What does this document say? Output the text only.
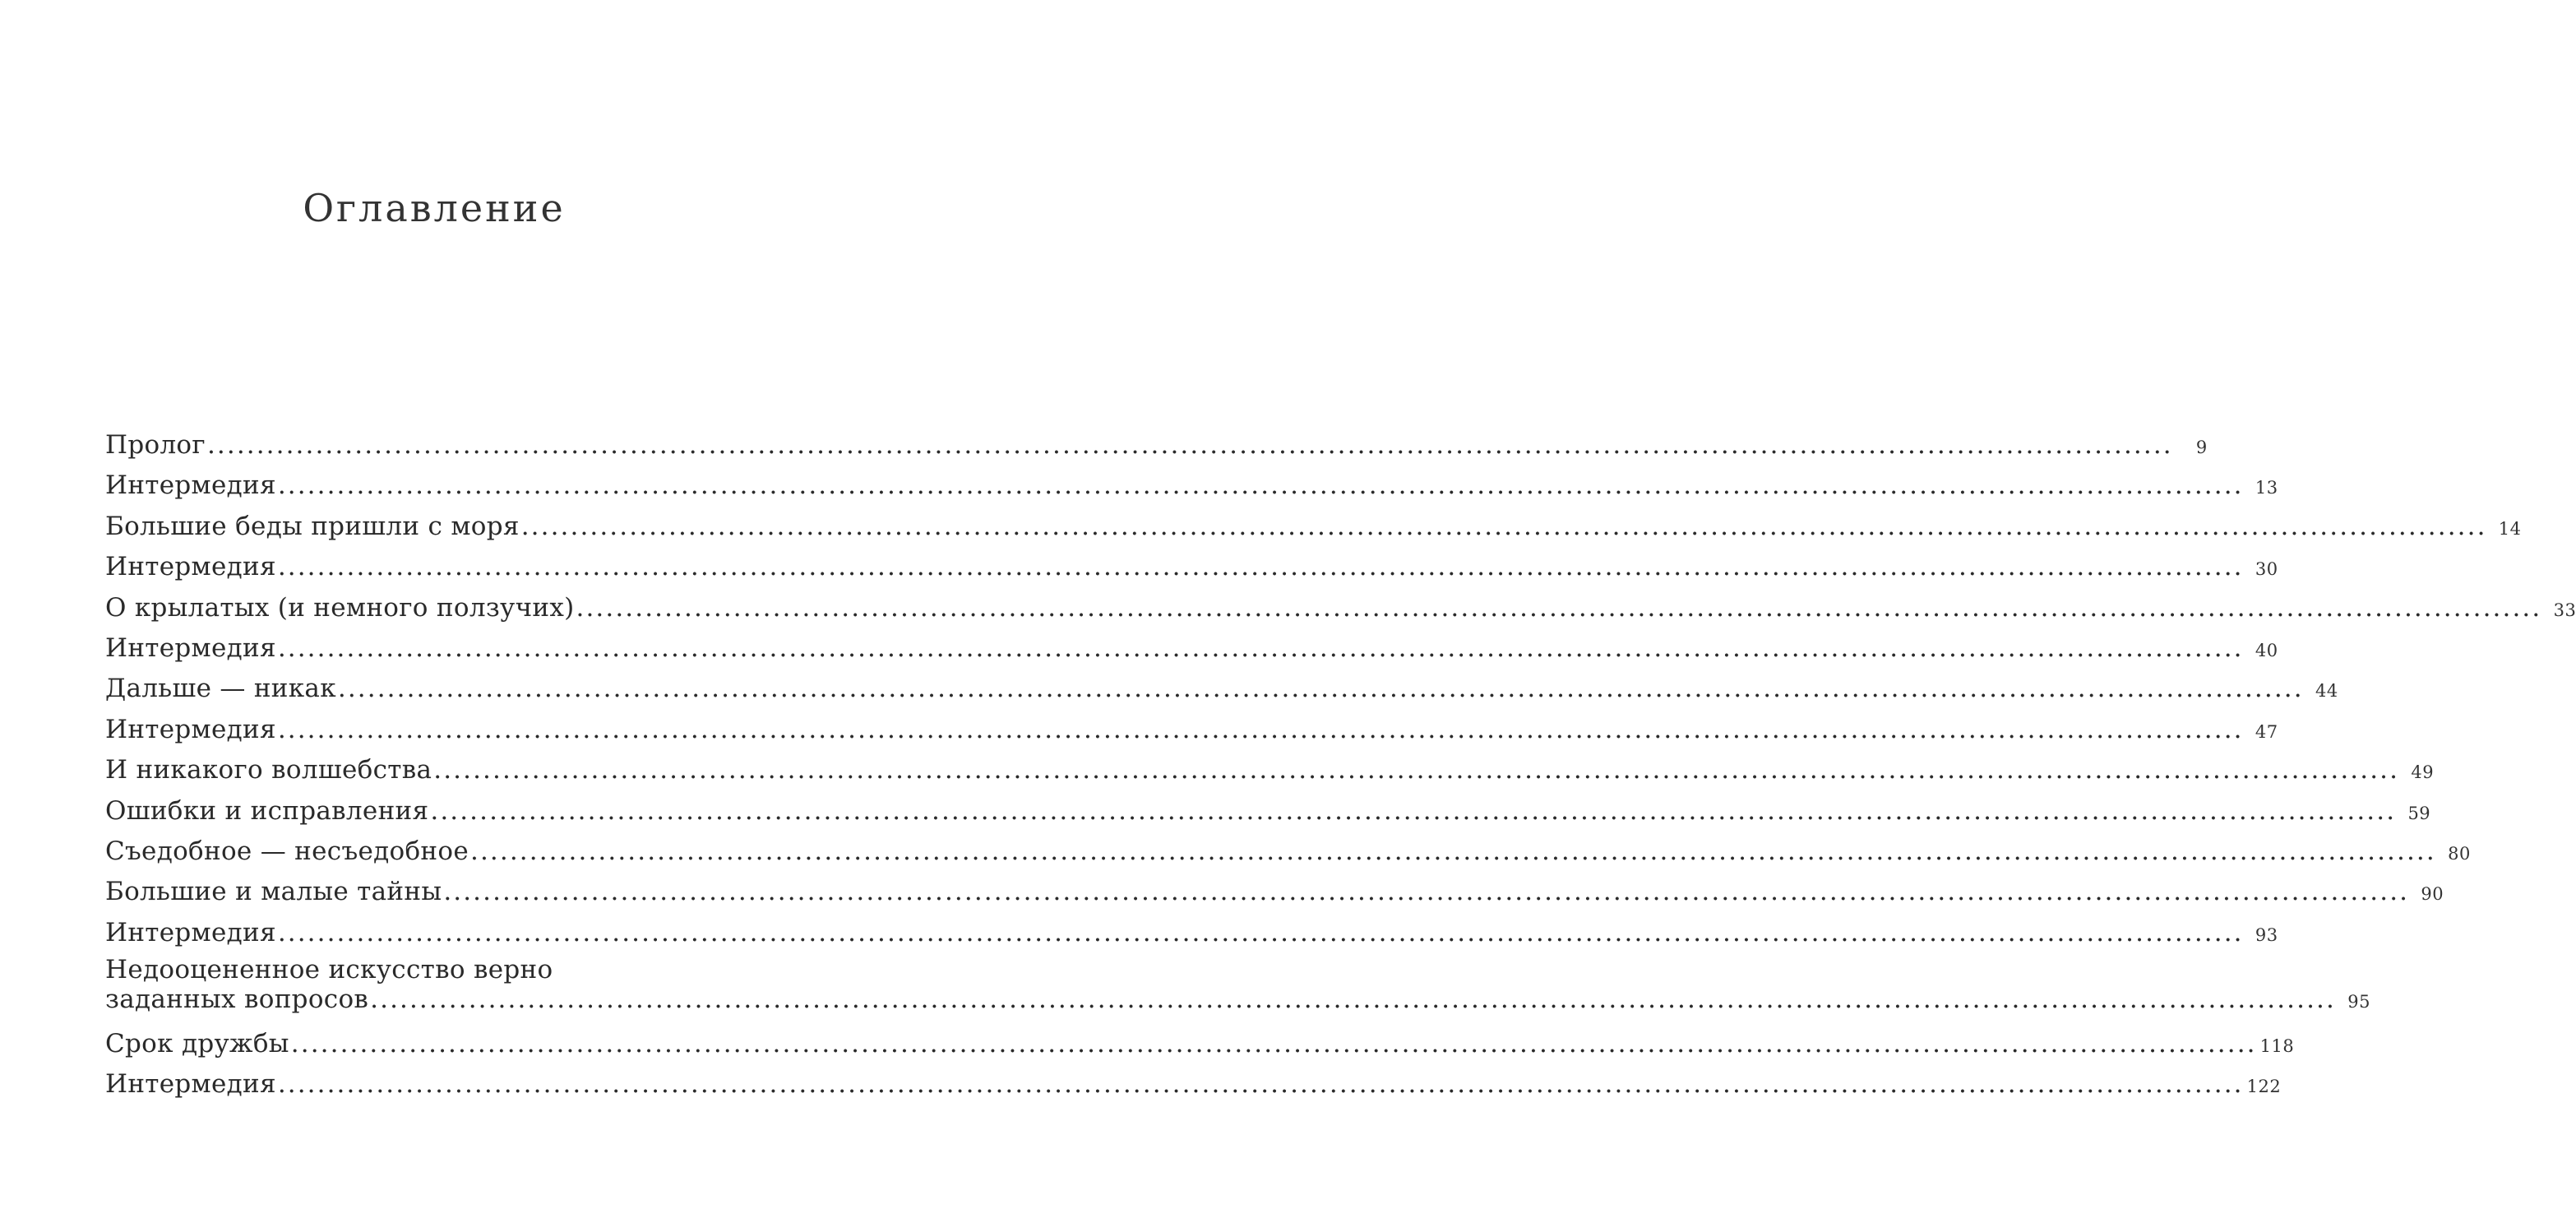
Оглавление
Пролог ........................................................................................................................................................................................................	9
Интермедия ........................................................................................................................................................................................................ 13
Большие беды пришли с моря ........................................................................................................................................................................................................ 14
Интермедия ........................................................................................................................................................................................................ 30
О крылатых (и немного ползучих) ........................................................................................................................................................................................................ 33
Интермедия ........................................................................................................................................................................................................ 40
Дальше — никак ........................................................................................................................................................................................................ 44
Интермедия ........................................................................................................................................................................................................ 47
И никакого волшебства ........................................................................................................................................................................................................ 49
Ошибки и исправления ........................................................................................................................................................................................................ 59
Съедобное — несъедобное ........................................................................................................................................................................................................ 80
Большие и малые тайны ........................................................................................................................................................................................................ 90
Интермедия ........................................................................................................................................................................................................ 93
Недооцененное искусство верно
заданных вопросов ........................................................................................................................................................................................................ 95
Срок дружбы ........................................................................................................................................................................................................ 118
Интермедия ........................................................................................................................................................................................................ 122
